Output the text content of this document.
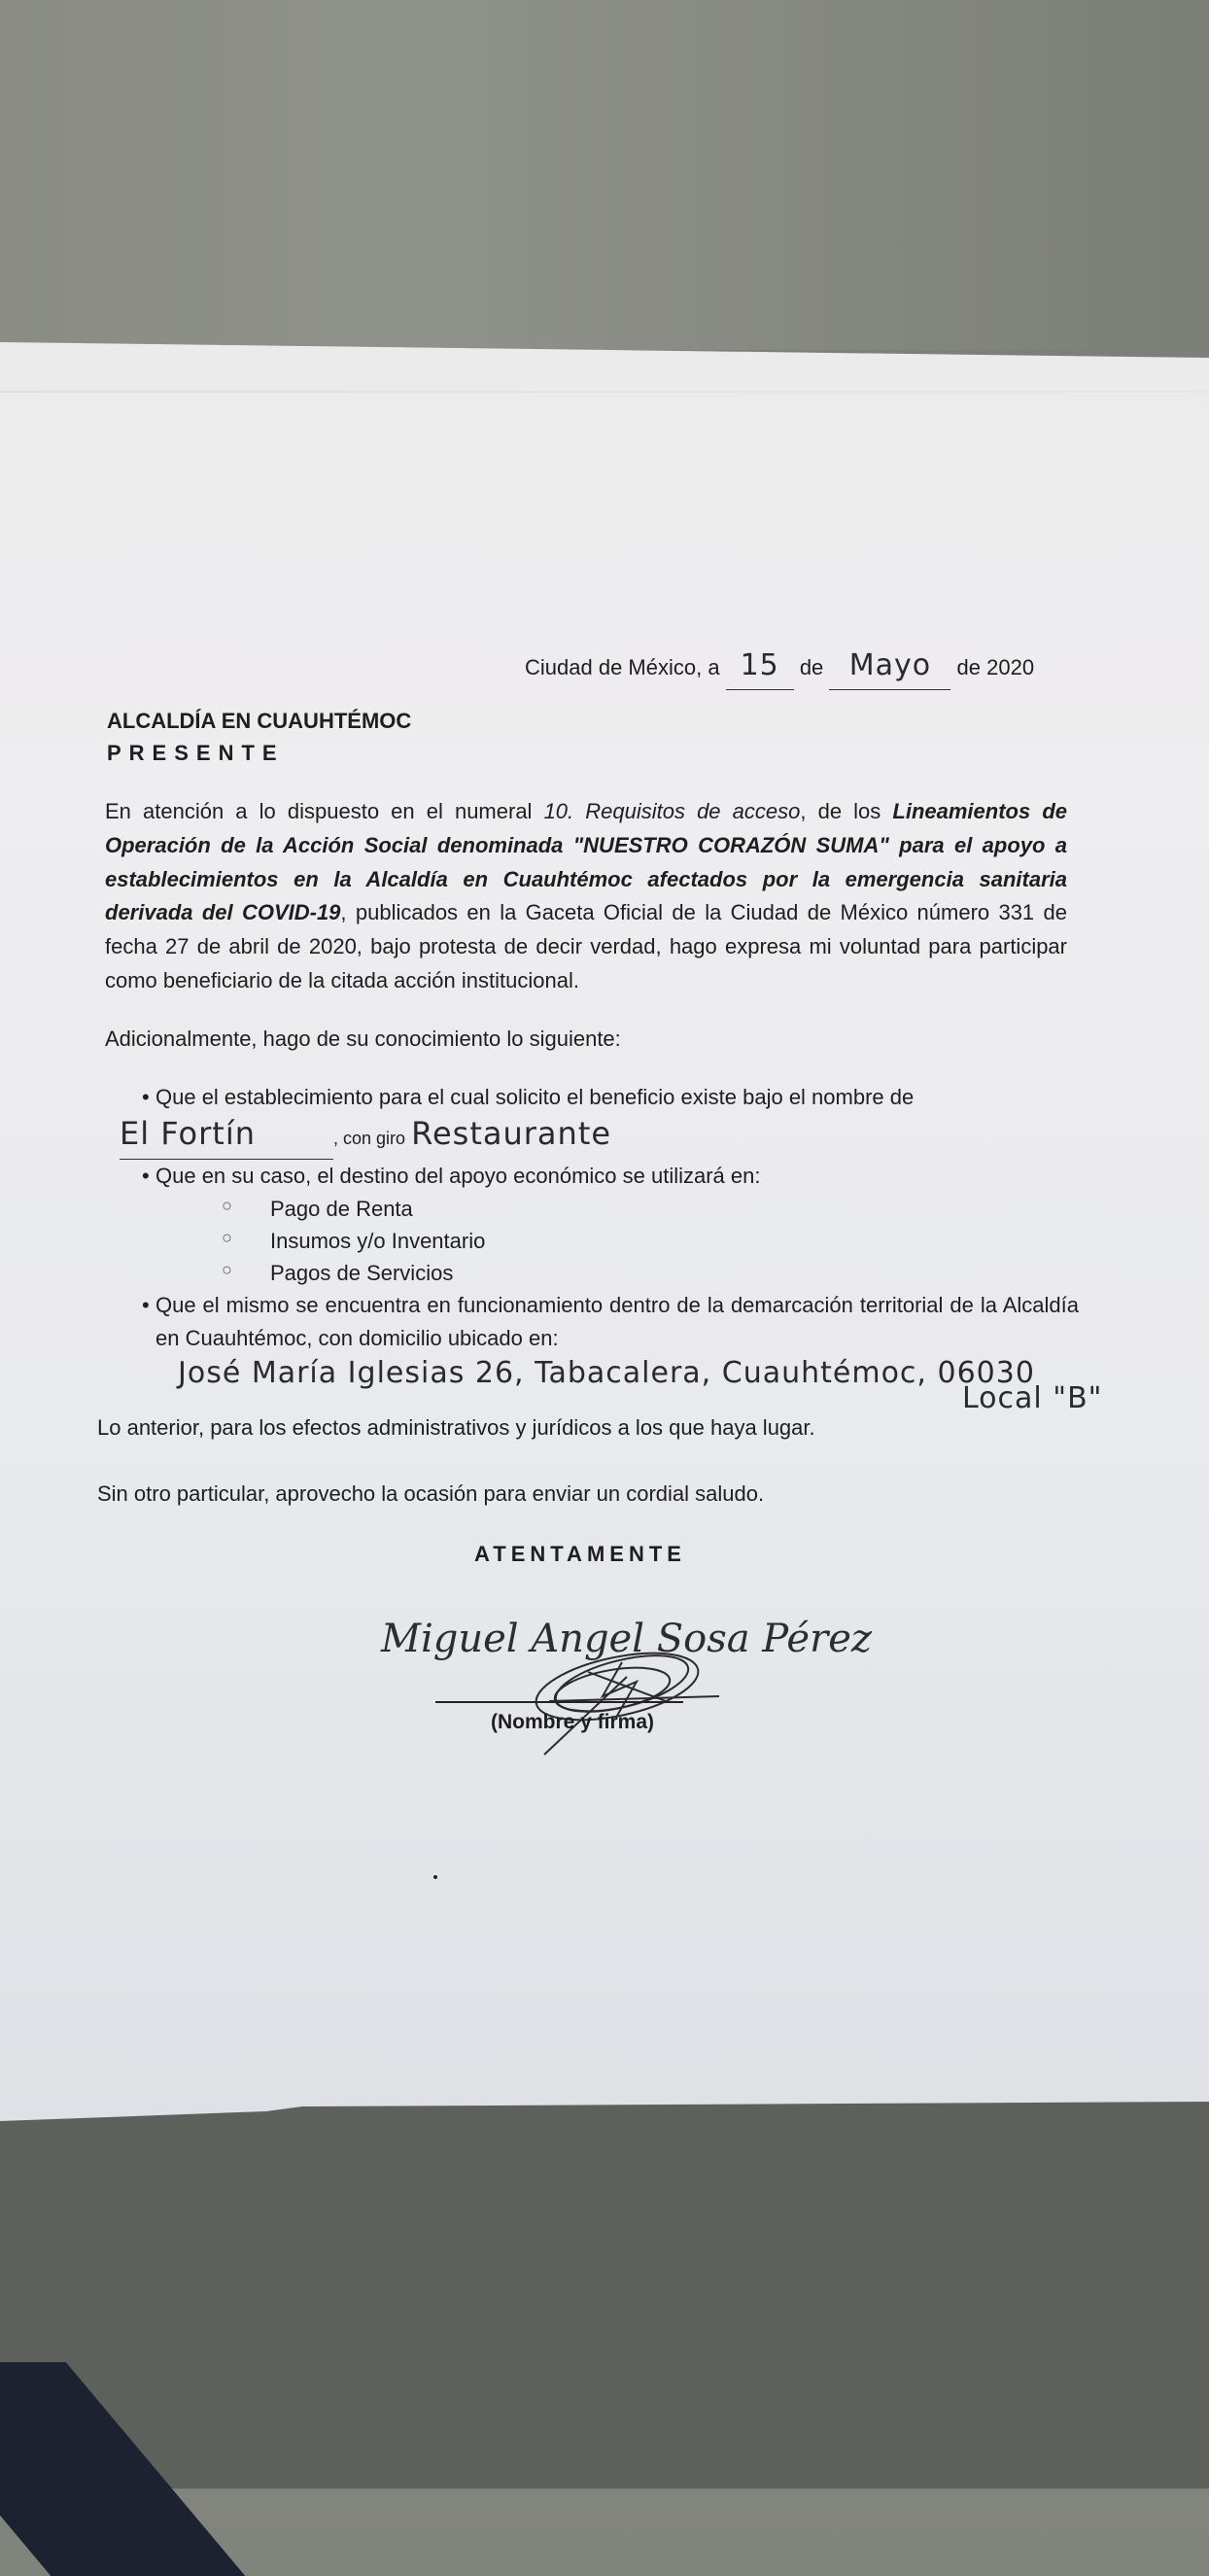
Ciudad de México, a 15 de Mayo de 2020
ALCALDÍA EN CUAUHTÉMOC
PRESENTE
En atención a lo dispuesto en el numeral 10. Requisitos de acceso, de los Lineamientos de Operación de la Acción Social denominada "NUESTRO CORAZÓN SUMA" para el apoyo a establecimientos en la Alcaldía en Cuauhtémoc afectados por la emergencia sanitaria derivada del COVID-19, publicados en la Gaceta Oficial de la Ciudad de México número 331 de fecha 27 de abril de 2020, bajo protesta de decir verdad, hago expresa mi voluntad para participar como beneficiario de la citada acción institucional.
Adicionalmente, hago de su conocimiento lo siguiente:
• Que el establecimiento para el cual solicito el beneficio existe bajo el nombre de
El Fortín	, con giro Restaurante
• Que en su caso, el destino del apoyo económico se utilizará en:
○ Pago de Renta
○ Insumos y/o Inventario
○ Pagos de Servicios
• Que el mismo se encuentra en funcionamiento dentro de la demarcación territorial de la Alcaldía en Cuauhtémoc, con domicilio ubicado en:
José María Iglesias 26, Tabacalera, Cuauhtémoc, 06030
Local "B"
Lo anterior, para los efectos administrativos y jurídicos a los que haya lugar.
Sin otro particular, aprovecho la ocasión para enviar un cordial saludo.
ATENTAMENTE
Miguel Angel Sosa Pérez
(Nombre y firma)
